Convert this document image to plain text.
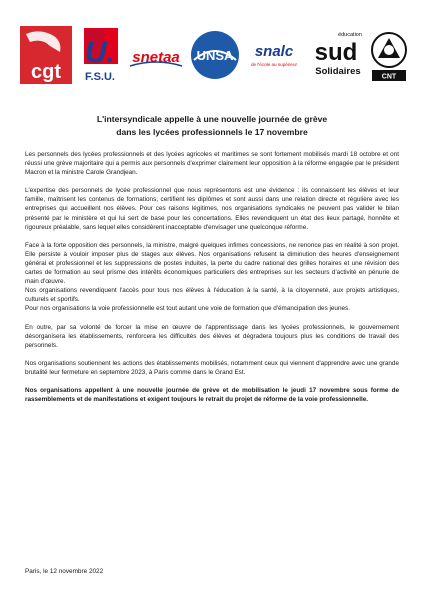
cgt
U.
F.S.U.
snetaa UNSA snalc
de l'école au supérieur
éducation
sud
Solidaires	CNT
L'intersyndicale appelle à une nouvelle journée de grève
dans les lycées professionnels le 17 novembre

Les personnels des lycées professionnels et des lycées agricoles et maritimes se sont fortement mobilisés mardi 18 octobre et ont réussi une grève majoritaire qui a permis aux personnels d'exprimer clairement leur opposition à la réforme engagée par le président Macron et la ministre Carole Grandjean.

L'expertise des personnels de lycée professionnel que nous représentons est une évidence : ils connaissent les élèves et leur famille, maîtrisent les contenus de formations, certifient les diplômes et sont aussi dans une relation directe et régulière avec les entreprises qui accueillent nos élèves. Pour ces raisons légitimes, nos organisations syndicales ne peuvent pas valider le bilan présenté par le ministère et qui lui sert de base pour les concertations. Elles revendiquent un état des lieux partagé, honnête et rigoureux préalable, sans lequel elles considèrent inacceptable d'envisager une quelconque réforme.

Face à la forte opposition des personnels, la ministre, malgré quelques infimes concessions, ne renonce pas en réalité à son projet. Elle persiste à vouloir imposer plus de stages aux élèves. Nos organisations refusent la diminution des heures d'enseignement général et professionnel et les suppressions de postes induites, la perte du cadre national des grilles horaires et une révision des cartes de formation au seul prisme des intérêts économiques particuliers des entreprises sur les secteurs d'activité en pénurie de main d'œuvre.

Nos organisations revendiquent l'accès pour tous nos élèves à l'éducation à la santé, à la citoyenneté, aux projets artistiques, culturels et sportifs.

Pour nos organisations la voie professionnelle est tout autant une voie de formation que d'émancipation des jeunes.

En outre, par sa volonté de forcer la mise en œuvre de l'apprentissage dans les lycées professionnels, le gouvernement désorganisera les établissements, renforcera les difficultés des élèves et dégradera toujours plus les conditions de travail des personnels.

Nos organisations soutiennent les actions des établissements mobilisés, notamment ceux qui viennent d'apprendre avec une grande brutalité leur fermeture en septembre 2023, à Paris comme dans le Grand Est.

Nos organisations appellent à une nouvelle journée de grève et de mobilisation le jeudi 17 novembre sous forme de rassemblements et de manifestations et exigent toujours le retrait du projet de réforme de la voie professionnelle.

Paris, le 12 novembre 2022
